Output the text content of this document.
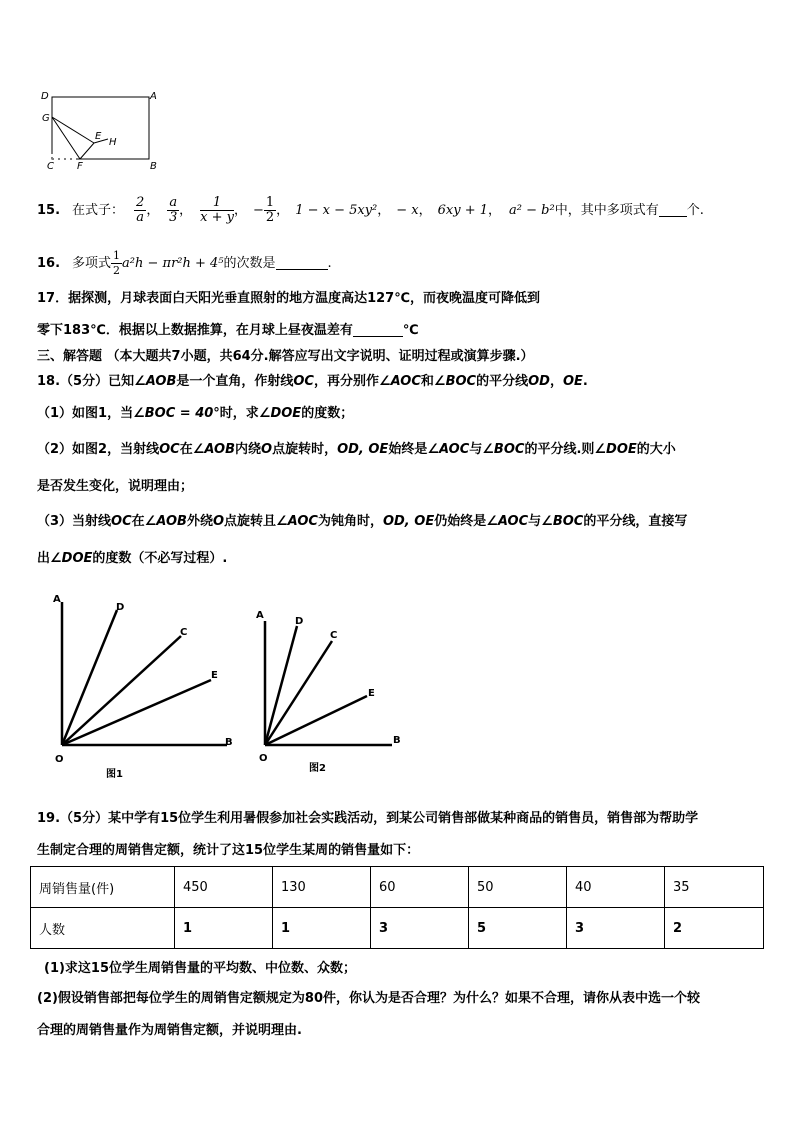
D	A
G
E
H
C F	B
15. 在式子： $\frac{2}{a}$ ， $\frac{a}{3}$ ， $\frac{1}{x + y}$ ， − $\frac{1}{2}$ ， 1 − x − 5xy² ， − x ， 6xy + 1 ， a² − b² 中，其中多项式有 个.
16. 多项式 $\frac{1}{2} a^2h - \pi r^2h + 4^5$ 的次数是	.
17．据探测，月球表面白天阳光垂直照射的地方温度高达127℃，而夜晚温度可降低到
零下183℃．根据以上数据推算，在月球上昼夜温差有	℃
三、解答题 （本大题共7小题，共64分.解答应写出文字说明、证明过程或演算步骤.）
18.（5分）已知∠AOB是一个直角，作射线OC，再分别作∠AOC和∠BOC的平分线OD，OE.
（1）如图1，当∠BOC = 40°时，求∠DOE的度数；
（2）如图2，当射线OC在∠AOB内绕O点旋转时，OD, OE始终是∠AOC与∠BOC的平分线.则∠DOE的大小
是否发生变化，说明理由；
（3）当射线OC在∠AOB外绕O点旋转且∠AOC为钝角时，OD, OE仍始终是∠AOC与∠BOC的平分线，直接写
出∠DOE的度数（不必写过程）.
A
D
C
E
B
O
图1
A
D
C
E
B
O
图2
19.（5分）某中学有15位学生利用暑假参加社会实践活动，到某公司销售部做某种商品的销售员，销售部为帮助学
生制定合理的周销售定额，统计了这15位学生某周的销售量如下：
周销售量(件)	450	130	60	50	40	35
人数	1	1	3	5	3	2
(1)求这15位学生周销售量的平均数、中位数、众数；
(2)假设销售部把每位学生的周销售定额规定为80件，你认为是否合理？为什么？如果不合理，请你从表中选一个较
合理的周销售量作为周销售定额，并说明理由.
